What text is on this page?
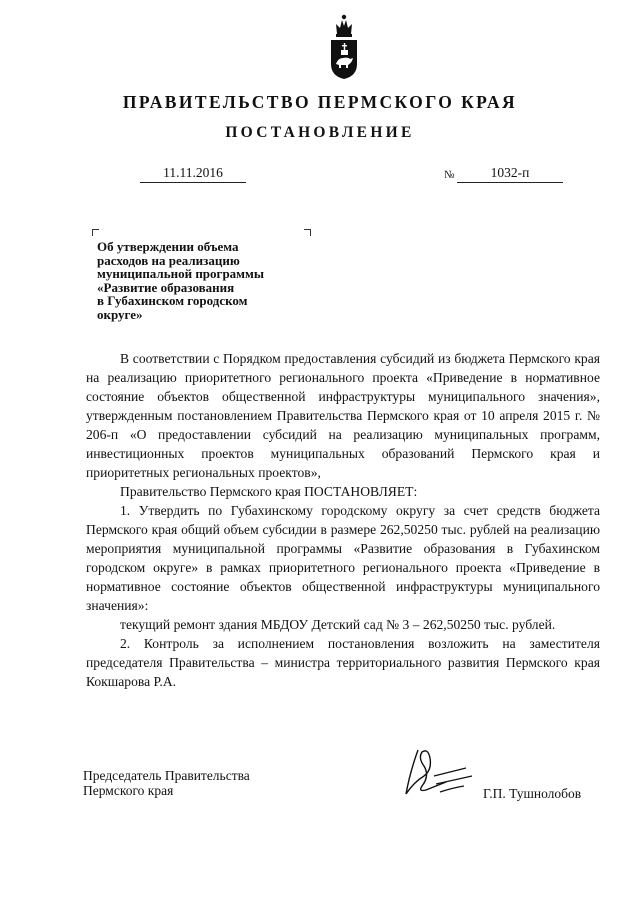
ПРАВИТЕЛЬСТВО ПЕРМСКОГО КРАЯ
ПОСТАНОВЛЕНИЕ
11.11.2016	№	1032-п
Об утверждении объема
расходов на реализацию
муниципальной программы
«Развитие образования
в Губахинском городском
округе»

В соответствии с Порядком предоставления субсидий из бюджета Пермского края на реализацию приоритетного регионального проекта «Приведение в нормативное состояние объектов общественной инфраструктуры муниципального значения», утвержденным постановлением Правительства Пермского края от 10 апреля 2015 г. № 206-п «О предоставлении субсидий на реализацию муниципальных программ, инвестиционных проектов муниципальных образований Пермского края и приоритетных региональных проектов»,

Правительство Пермского края ПОСТАНОВЛЯЕТ:

1. Утвердить по Губахинскому городскому округу за счет средств бюджета Пермского края общий объем субсидии в размере 262,50250 тыс. рублей на реализацию мероприятия муниципальной программы «Развитие образования в Губахинском городском округе» в рамках приоритетного регионального проекта «Приведение в нормативное состояние объектов общественной инфраструктуры муниципального значения»:

текущий ремонт здания МБДОУ Детский сад № 3 – 262,50250 тыс. рублей.

2. Контроль за исполнением постановления возложить на заместителя председателя Правительства – министра территориального развития Пермского края Кокшарова Р.А.

Председатель Правительства
Пермского края	Г.П. Тушнолобов
